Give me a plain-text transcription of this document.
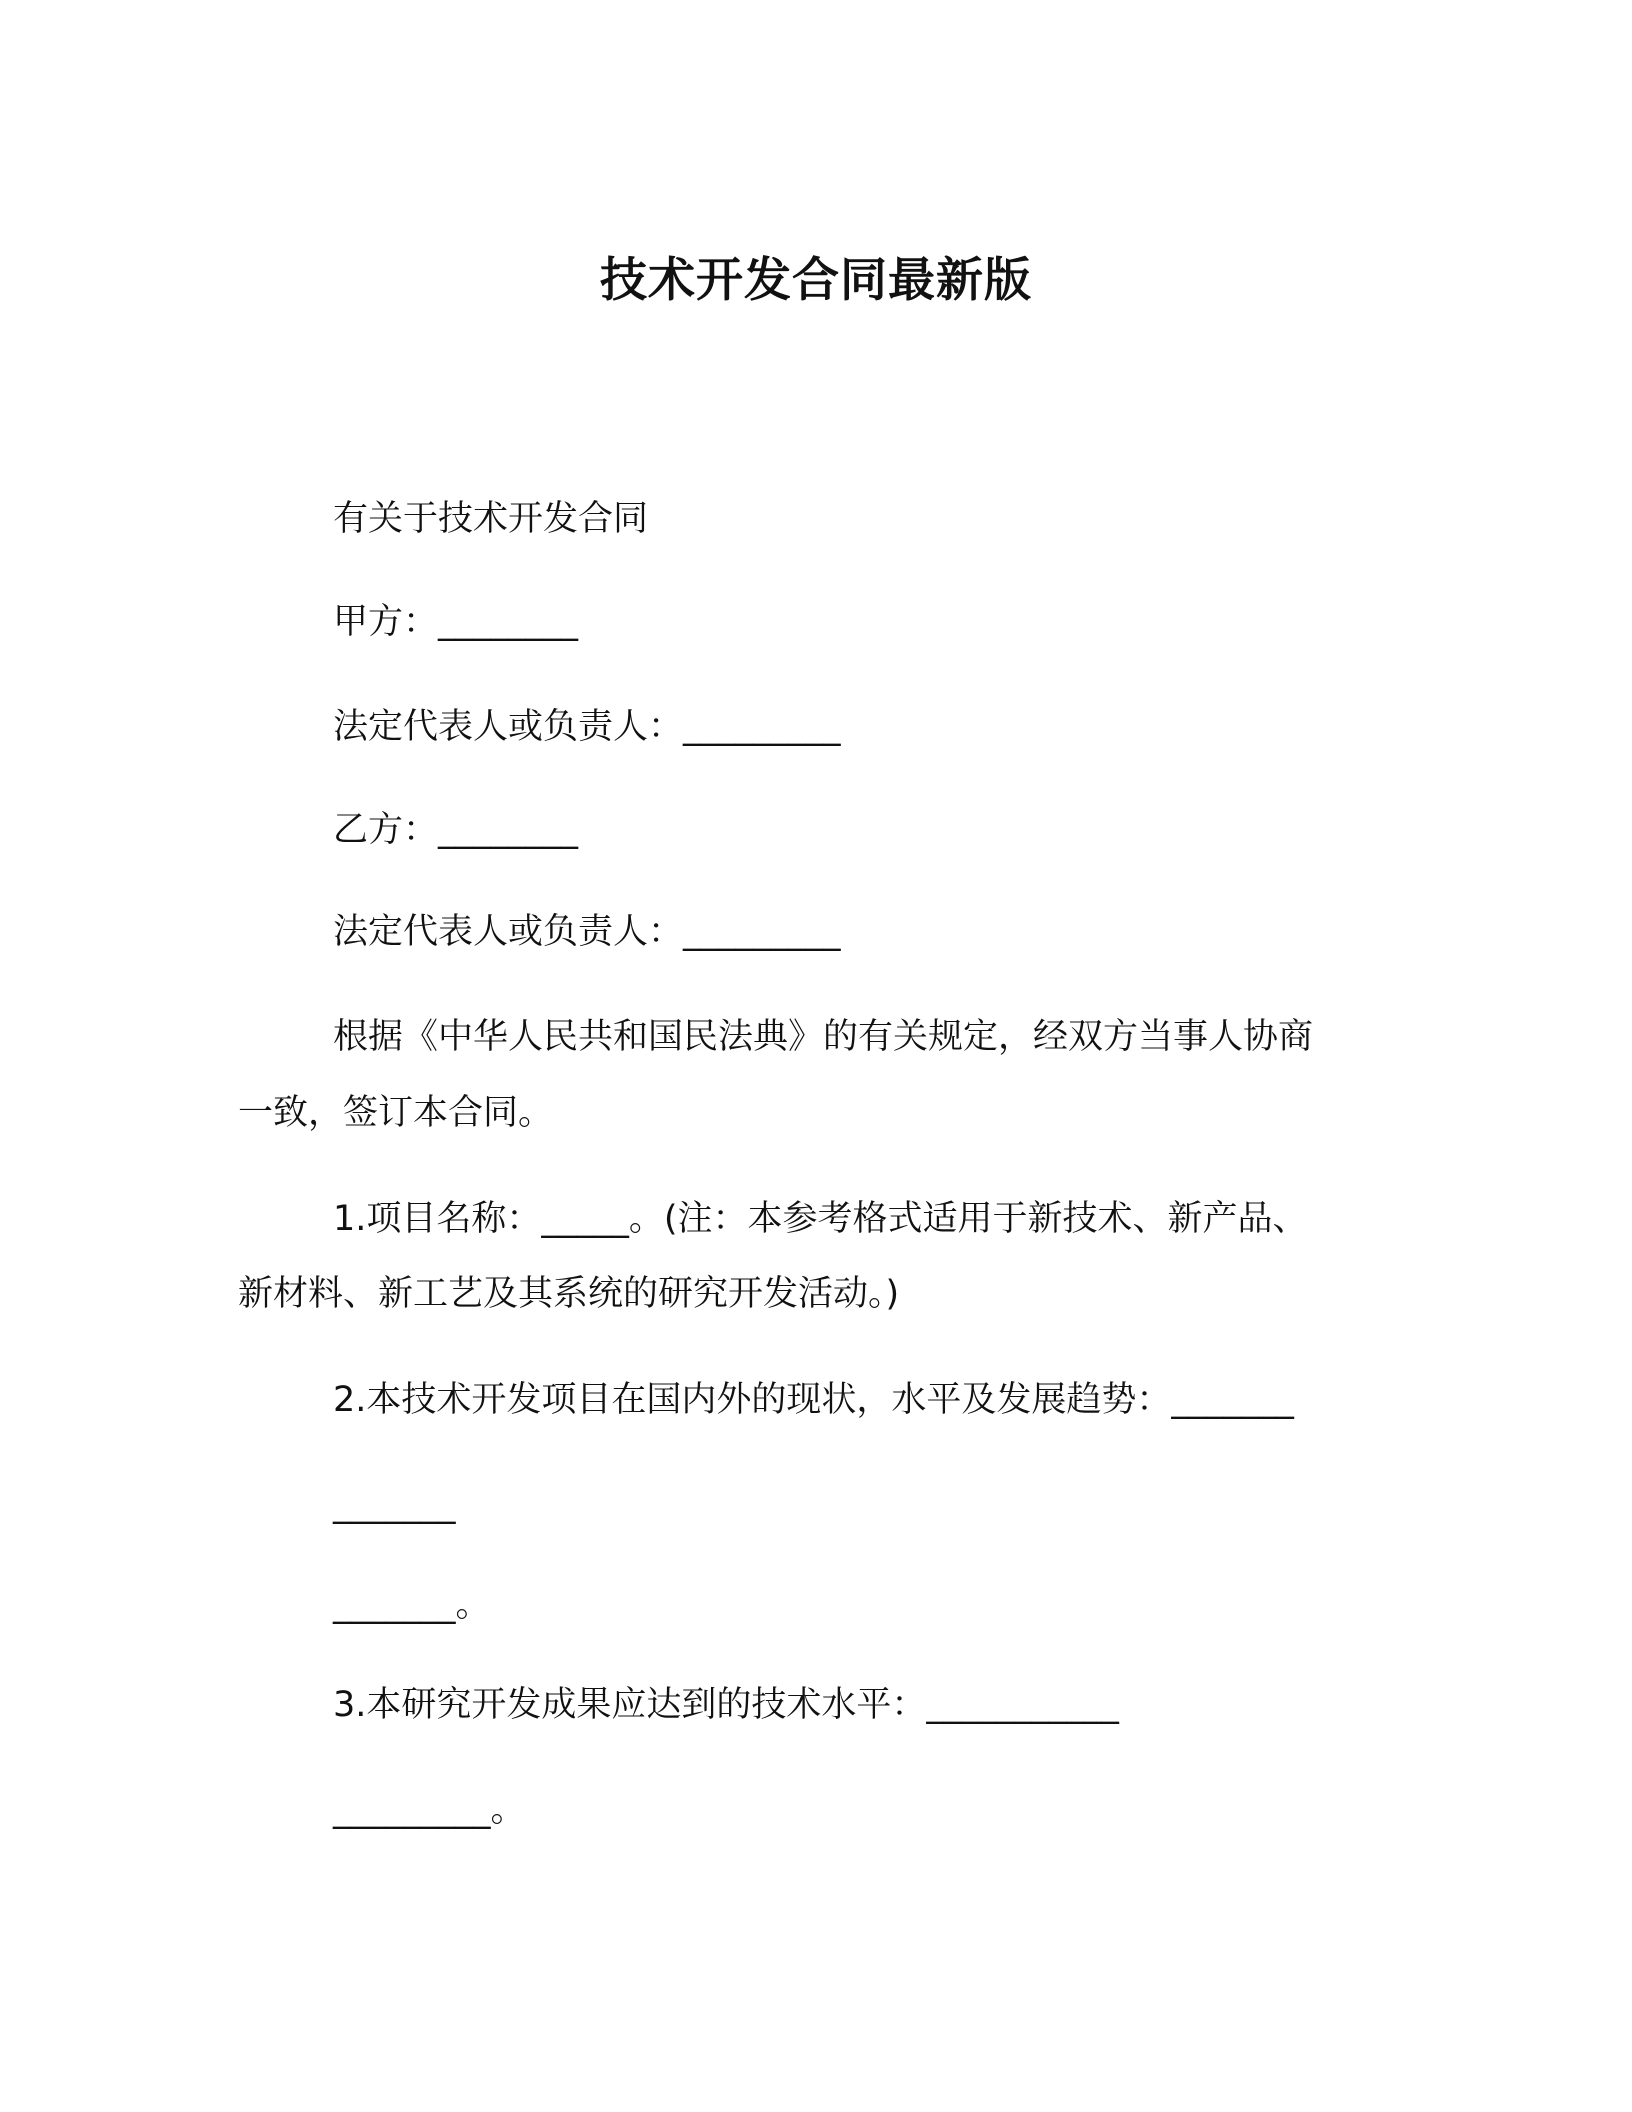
技术开发合同最新版

有关于技术开发合同

甲方：________

法定代表人或负责人：_________

乙方：________

法定代表人或负责人：_________

根据《中华人民共和国民法典》的有关规定，经双方当事人协商

一致，签订本合同。

1.项目名称：_____。(注：本参考格式适用于新技术、新产品、

新材料、新工艺及其系统的研究开发活动。)

2.本技术开发项目在国内外的现状，水平及发展趋势：_______

_______

_______。

3.本研究开发成果应达到的技术水平：___________

_________。
